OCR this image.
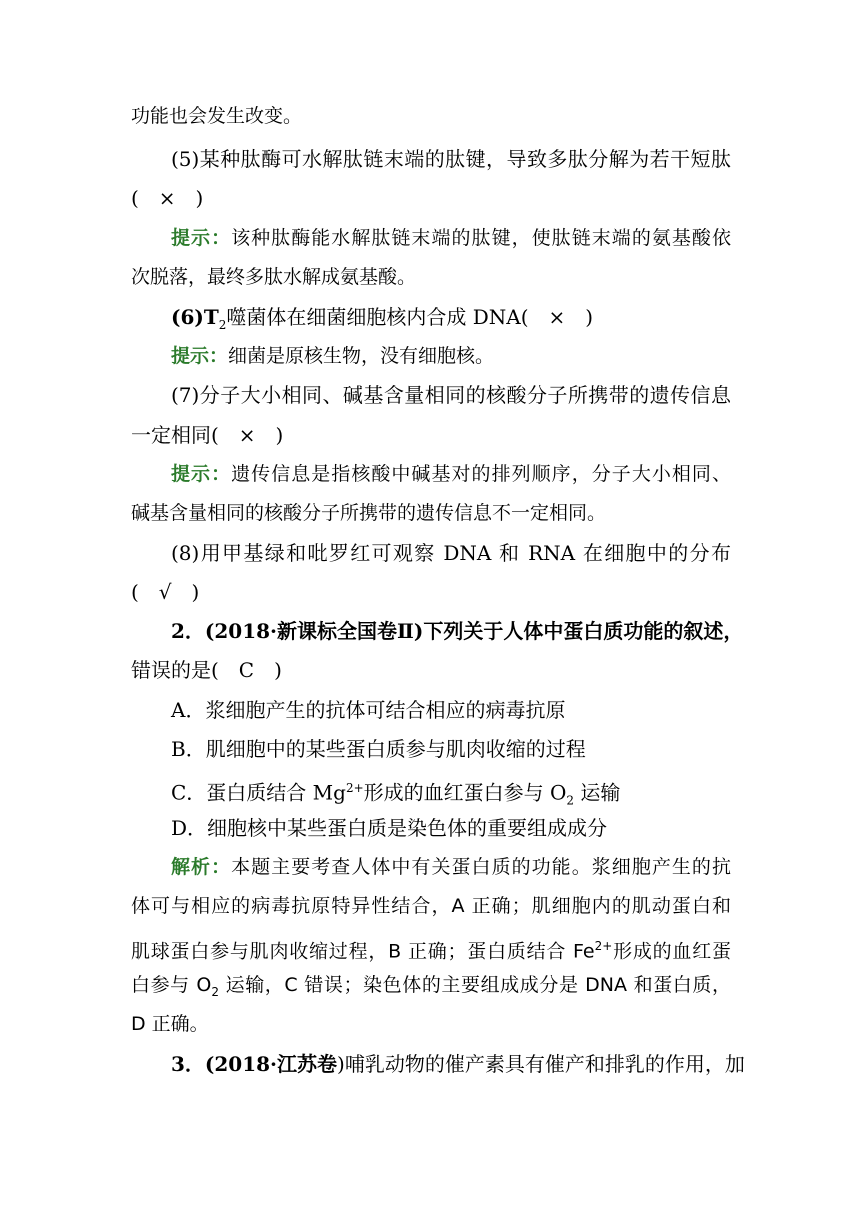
功能也会发生改变。
(5)某种肽酶可水解肽链末端的肽键，导致多肽分解为若干短肽
(　×　)
提示：该种肽酶能水解肽链末端的肽键，使肽链末端的氨基酸依
次脱落，最终多肽水解成氨基酸。
$(6)T_2$噬菌体在细菌细胞核内合成 DNA(　×　)
提示：细菌是原核生物，没有细胞核。
(7)分子大小相同、碱基含量相同的核酸分子所携带的遗传信息
一定相同(　×　)
提示：遗传信息是指核酸中碱基对的排列顺序，分子大小相同、
碱基含量相同的核酸分子所携带的遗传信息不一定相同。
(8)用甲基绿和吡罗红可观察 DNA 和 RNA 在细胞中的分布
(　√　)
2．(2018·新课标全国卷Ⅱ)下列关于人体中蛋白质功能的叙述，
错误的是(　C　)
A．浆细胞产生的抗体可结合相应的病毒抗原
B．肌细胞中的某些蛋白质参与肌肉收缩的过程
C．蛋白质结合 $Mg^{2+}$形成的血红蛋白参与 $O_2$ 运输
D．细胞核中某些蛋白质是染色体的重要组成成分
解析：本题主要考查人体中有关蛋白质的功能。浆细胞产生的抗
体可与相应的病毒抗原特异性结合，A 正确；肌细胞内的肌动蛋白和
肌球蛋白参与肌肉收缩过程，B 正确；蛋白质结合 $Fe^{2+}$形成的血红蛋
白参与 $O_2$ 运输，C 错误；染色体的主要组成成分是 DNA 和蛋白质，
D 正确。
3．(2018·江苏卷)哺乳动物的催产素具有催产和排乳的作用，加
